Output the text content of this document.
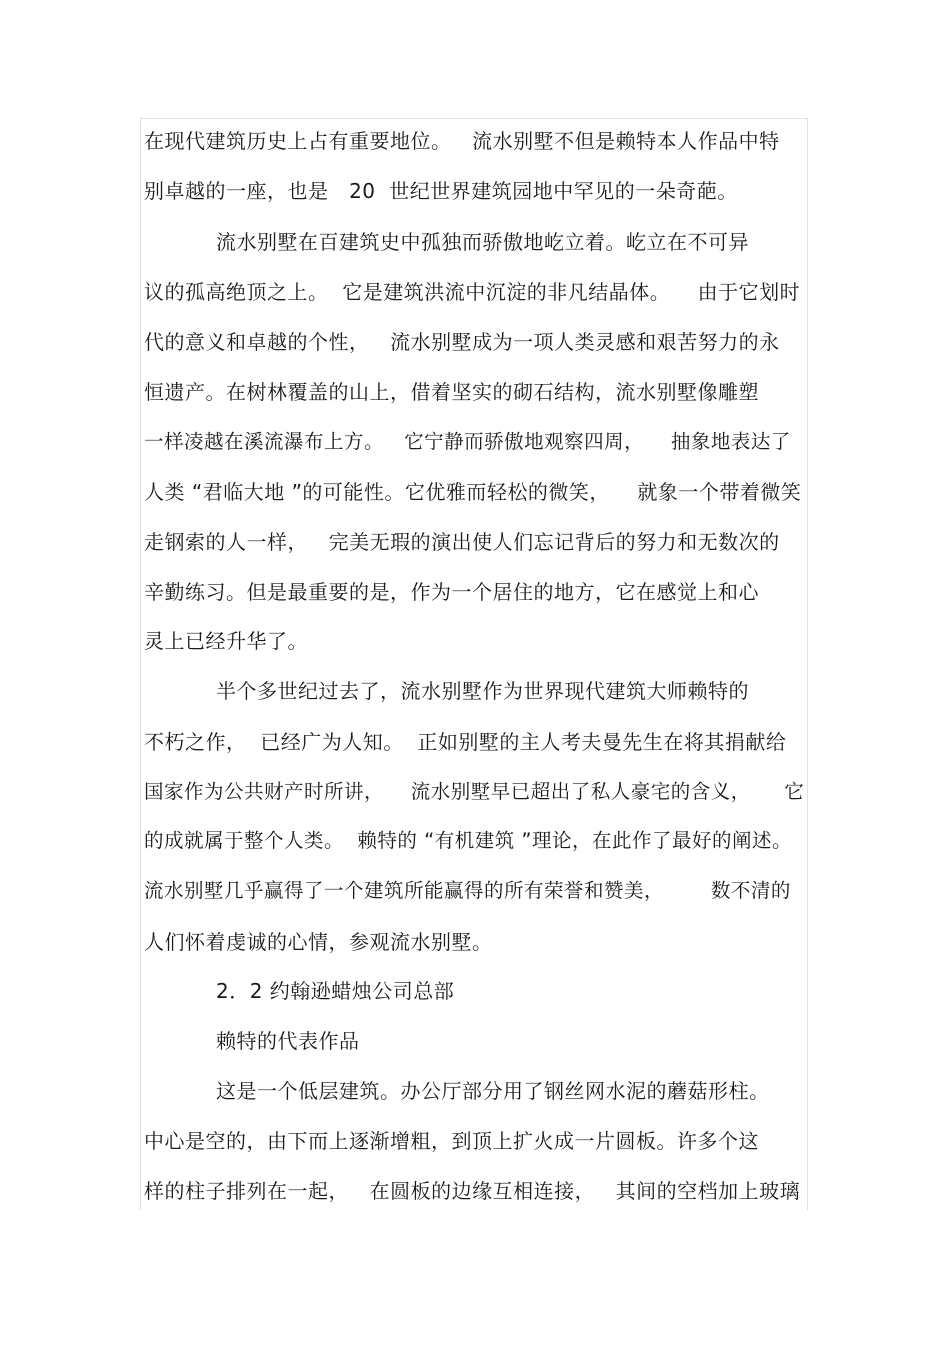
在现代建筑历史上占有重要地位。   流水别墅不但是赖特本人作品中特
别卓越的一座，也是   20  世纪世界建筑园地中罕见的一朵奇葩。
流水别墅在百建筑史中孤独而骄傲地屹立着。屹立在不可异
议的孤高绝顶之上。  它是建筑洪流中沉淀的非凡结晶体。    由于它划时
代的意义和卓越的个性，   流水别墅成为一项人类灵感和艰苦努力的永
恒遗产。在树林覆盖的山上，借着坚实的砌石结构，流水别墅像雕塑
一样凌越在溪流瀑布上方。   它宁静而骄傲地观察四周，    抽象地表达了
人类 “君临大地 ”的可能性。它优雅而轻松的微笑，    就象一个带着微笑
走钢索的人一样，   完美无瑕的演出使人们忘记背后的努力和无数次的
辛勤练习。但是最重要的是，作为一个居住的地方，它在感觉上和心
灵上已经升华了。
半个多世纪过去了，流水别墅作为世界现代建筑大师赖特的
不朽之作，  已经广为人知。  正如别墅的主人考夫曼先生在将其捐献给
国家作为公共财产时所讲，    流水别墅早已超出了私人豪宅的含义，     它
的成就属于整个人类。  赖特的 “有机建筑 ”理论，在此作了最好的阐述。
流水别墅几乎赢得了一个建筑所能赢得的所有荣誉和赞美，       数不清的
人们怀着虔诚的心情，参观流水别墅。
2．2 约翰逊蜡烛公司总部
赖特的代表作品
这是一个低层建筑。办公厅部分用了钢丝网水泥的蘑菇形柱。
中心是空的，由下而上逐渐增粗，到顶上扩火成一片圆板。许多个这
样的柱子排列在一起，   在圆板的边缘互相连接，   其间的空档加上玻璃
